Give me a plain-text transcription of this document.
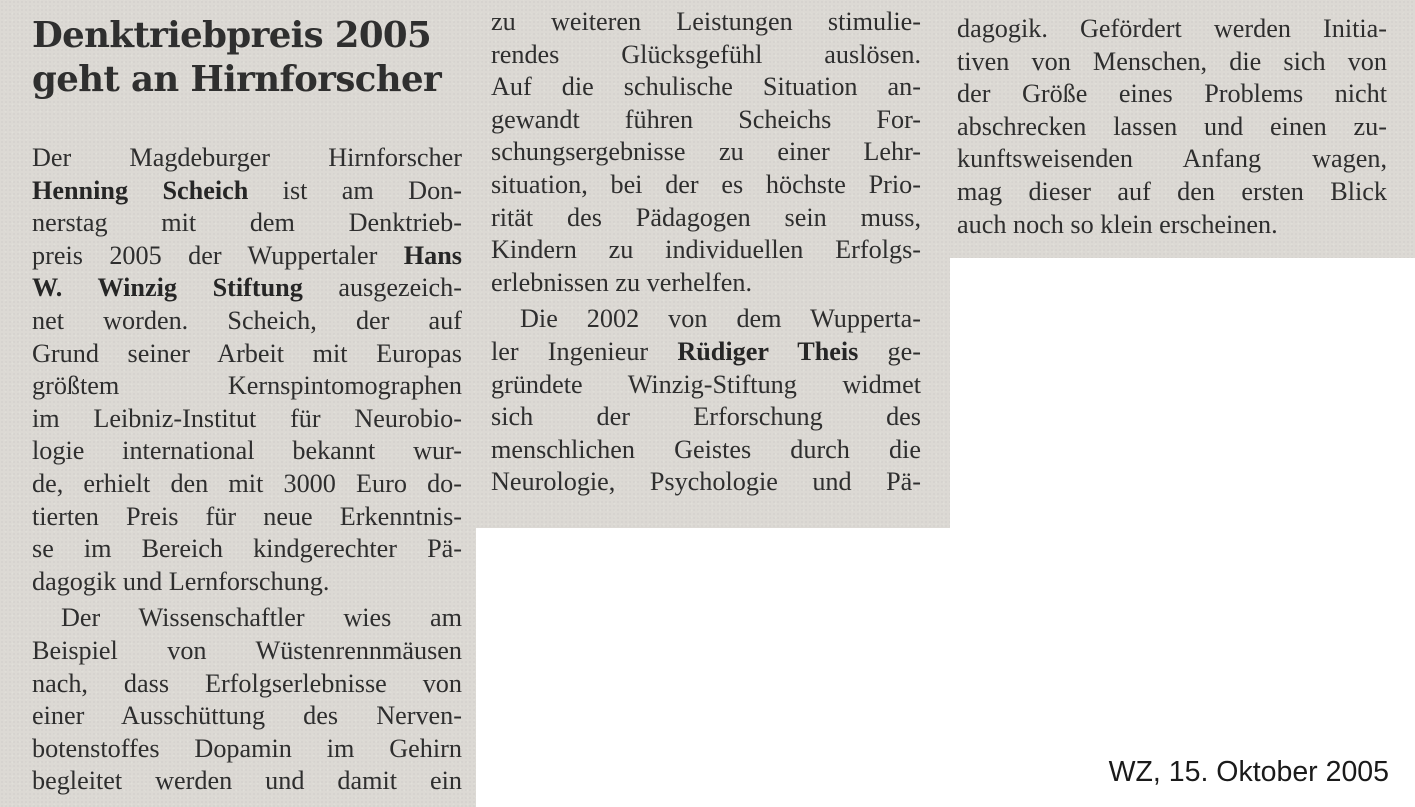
Denktriebpreis 2005
geht an Hirnforscher
Der Magdeburger Hirnforscher
Henning Scheich ist am Don-
nerstag mit dem Denktrieb-
preis 2005 der Wuppertaler Hans
W. Winzig Stiftung ausgezeich-
net worden. Scheich, der auf
Grund seiner Arbeit mit Europas
größtem Kernspintomographen
im Leibniz-Institut für Neurobio-
logie international bekannt wur-
de, erhielt den mit 3000 Euro do-
tierten Preis für neue Erkenntnis-
se im Bereich kindgerechter Pä-
dagogik und Lernforschung.
Der Wissenschaftler wies am
Beispiel von Wüstenrennmäusen
nach, dass Erfolgserlebnisse von
einer Ausschüttung des Nerven-
botenstoffes Dopamin im Gehirn
begleitet werden und damit ein
zu weiteren Leistungen stimulie-
rendes Glücksgefühl auslösen.
Auf die schulische Situation an-
gewandt führen Scheichs For-
schungsergebnisse zu einer Lehr-
situation, bei der es höchste Prio-
rität des Pädagogen sein muss,
Kindern zu individuellen Erfolgs-
erlebnissen zu verhelfen.
Die 2002 von dem Wupperta-
ler Ingenieur Rüdiger Theis ge-
gründete Winzig-Stiftung widmet
sich der Erforschung des
menschlichen Geistes durch die
Neurologie, Psychologie und Pä-
dagogik. Gefördert werden Initia-
tiven von Menschen, die sich von
der Größe eines Problems nicht
abschrecken lassen und einen zu-
kunftsweisenden Anfang wagen,
mag dieser auf den ersten Blick
auch noch so klein erscheinen.

WZ, 15. Oktober 2005
